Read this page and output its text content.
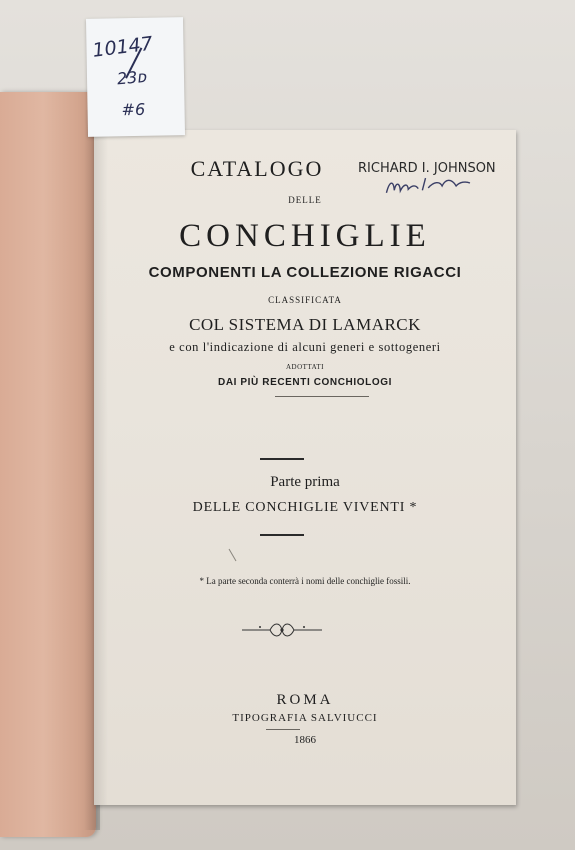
CATALOGO	RICHARD I. JOHNSON
DELLE
CONCHIGLIE
COMPONENTI LA COLLEZIONE RIGACCI
CLASSIFICATA
COL SISTEMA DI LAMARCK
e con l'indicazione di alcuni generi e sottogeneri
ADOTTATI
DAI PIÙ RECENTI CONCHIOLOGI
Parte prima
DELLE CONCHIGLIE VIVENTI *
* La parte seconda conterrà i nomi delle conchiglie fossili.
ROMA
TIPOGRAFIA SALVIUCCI
1866
10147
23ᴅ
#6
